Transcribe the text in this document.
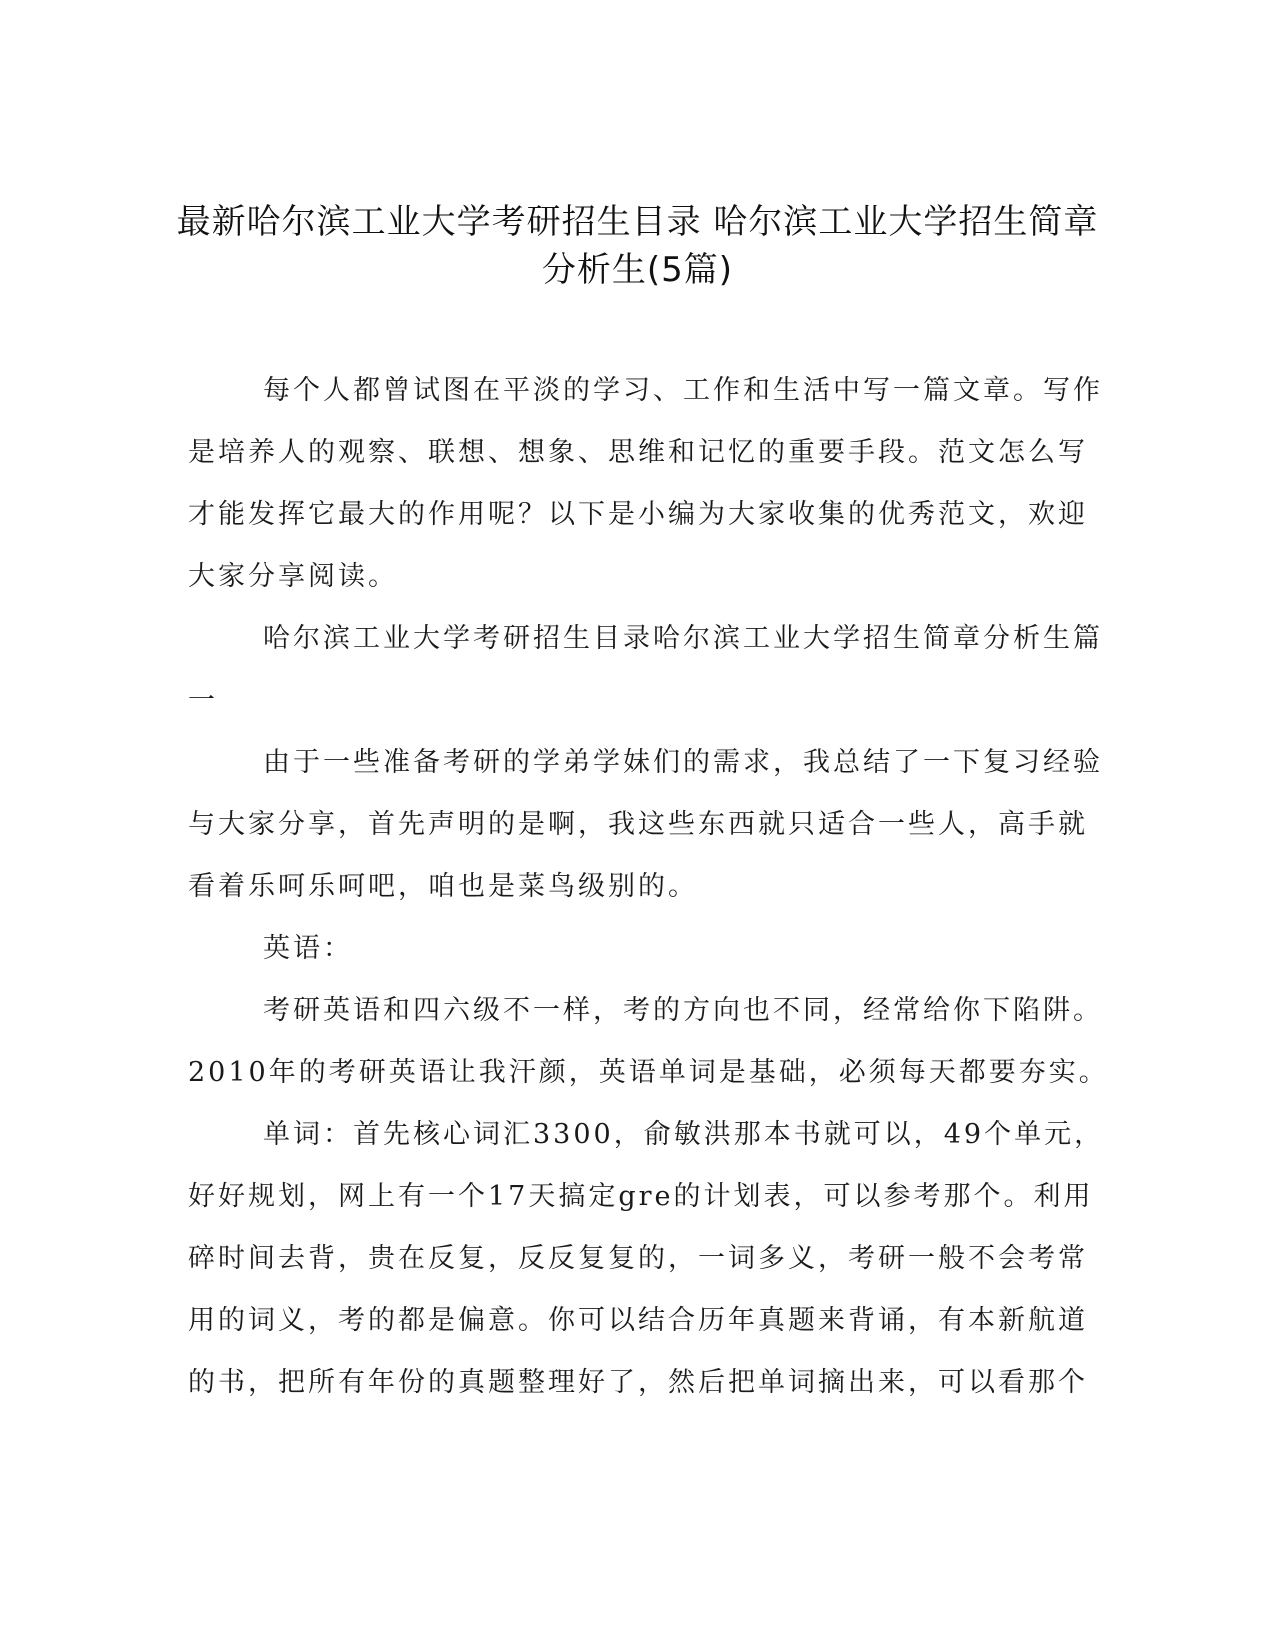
最新哈尔滨工业大学考研招生目录 哈尔滨工业大学招生简章
分析生(5篇)
每个人都曾试图在平淡的学习、工作和生活中写一篇文章。写作
是培养人的观察、联想、想象、思维和记忆的重要手段。范文怎么写
才能发挥它最大的作用呢？以下是小编为大家收集的优秀范文，欢迎
大家分享阅读。
哈尔滨工业大学考研招生目录哈尔滨工业大学招生简章分析生篇
一
由于一些准备考研的学弟学妹们的需求，我总结了一下复习经验
与大家分享，首先声明的是啊，我这些东西就只适合一些人，高手就
看着乐呵乐呵吧，咱也是菜鸟级别的。
英语：
考研英语和四六级不一样，考的方向也不同，经常给你下陷阱。
2010年的考研英语让我汗颜，英语单词是基础，必须每天都要夯实。
单词：首先核心词汇3300，俞敏洪那本书就可以，49个单元，
好好规划，网上有一个17天搞定gre的计划表，可以参考那个。利用
碎时间去背，贵在反复，反反复复的，一词多义，考研一般不会考常
用的词义，考的都是偏意。你可以结合历年真题来背诵，有本新航道
的书，把所有年份的真题整理好了，然后把单词摘出来，可以看那个
